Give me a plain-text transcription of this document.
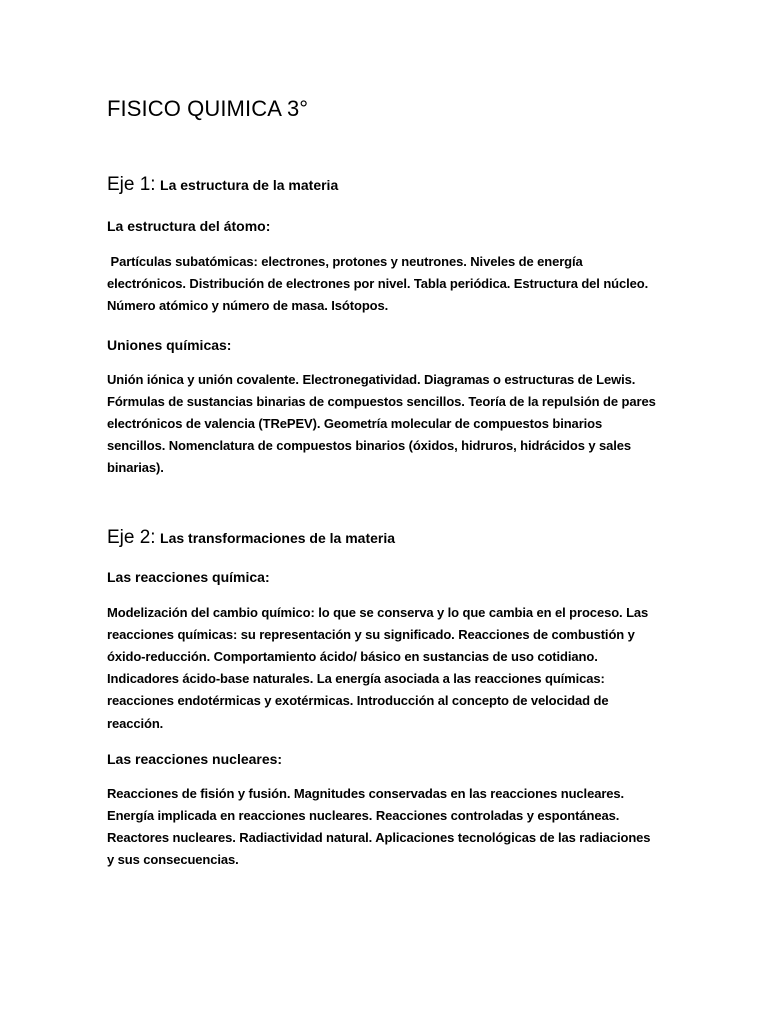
FISICO QUIMICA 3°
Eje 1: La estructura de la materia
La estructura del átomo:
Partículas subatómicas: electrones, protones y neutrones. Niveles de energía
electrónicos. Distribución de electrones por nivel. Tabla periódica. Estructura del núcleo.
Número atómico y número de masa. Isótopos.
Uniones químicas:
Unión iónica y unión covalente. Electronegatividad. Diagramas o estructuras de Lewis.
Fórmulas de sustancias binarias de compuestos sencillos. Teoría de la repulsión de pares
electrónicos de valencia (TRePEV). Geometría molecular de compuestos binarios
sencillos. Nomenclatura de compuestos binarios (óxidos, hidruros, hidrácidos y sales
binarias).
Eje 2: Las transformaciones de la materia
Las reacciones química:
Modelización del cambio químico: lo que se conserva y lo que cambia en el proceso. Las
reacciones químicas: su representación y su significado. Reacciones de combustión y
óxido-reducción. Comportamiento ácido/ básico en sustancias de uso cotidiano.
Indicadores ácido-base naturales. La energía asociada a las reacciones químicas:
reacciones endotérmicas y exotérmicas. Introducción al concepto de velocidad de
reacción.
Las reacciones nucleares:
Reacciones de fisión y fusión. Magnitudes conservadas en las reacciones nucleares.
Energía implicada en reacciones nucleares. Reacciones controladas y espontáneas.
Reactores nucleares. Radiactividad natural. Aplicaciones tecnológicas de las radiaciones
y sus consecuencias.
